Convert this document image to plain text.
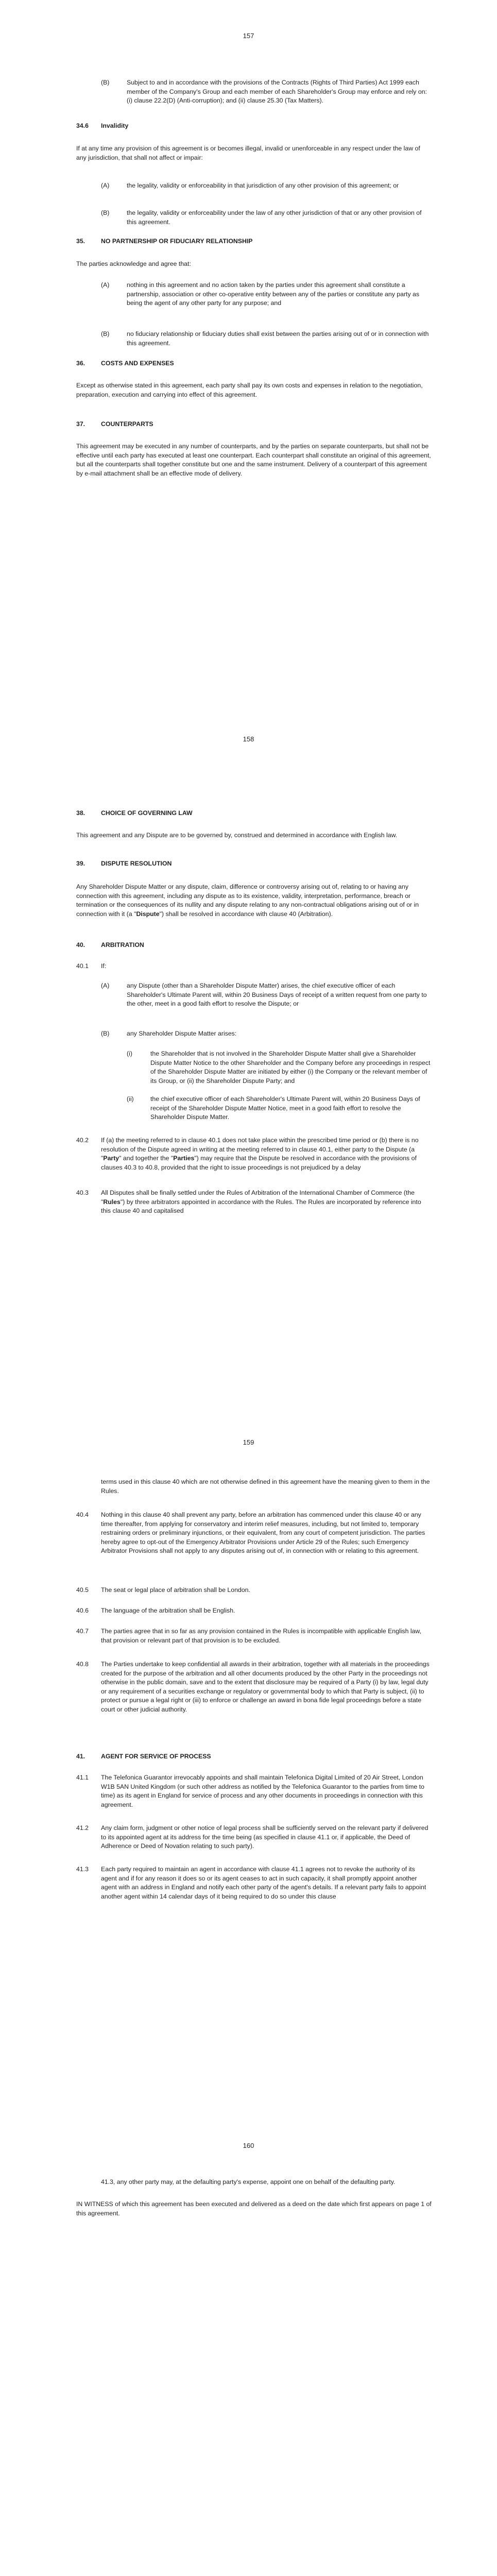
157
(B)	Subject to and in accordance with the provisions of the Contracts (Rights of Third Parties) Act 1999 each member of the Company's Group and each member of each Shareholder's Group may enforce and rely on: (i) clause 22.2(D) (Anti-corruption); and (ii) clause 25.30 (Tax Matters).

34.6 Invalidity

If at any time any provision of this agreement is or becomes illegal, invalid or unenforceable in any respect under the law of any jurisdiction, that shall not affect or impair:

(A)	the legality, validity or enforceability in that jurisdiction of any other provision of this agreement; or

(B)	the legality, validity or enforceability under the law of any other jurisdiction of that or any other provision of this agreement.

35.	NO PARTNERSHIP OR FIDUCIARY RELATIONSHIP

The parties acknowledge and agree that:

(A)	nothing in this agreement and no action taken by the parties under this agreement shall constitute a partnership, association or other co-operative entity between any of the parties or constitute any party as being the agent of any other party for any purpose; and

(B)	no fiduciary relationship or fiduciary duties shall exist between the parties arising out of or in connection with this agreement.

36.	COSTS AND EXPENSES

Except as otherwise stated in this agreement, each party shall pay its own costs and expenses in relation to the negotiation, preparation, execution and carrying into effect of this agreement.

37.	COUNTERPARTS

This agreement may be executed in any number of counterparts, and by the parties on separate counterparts, but shall not be effective until each party has executed at least one counterpart. Each counterpart shall constitute an original of this agreement, but all the counterparts shall together constitute but one and the same instrument. Delivery of a counterpart of this agreement by e-mail attachment shall be an effective mode of delivery.

158
38.	CHOICE OF GOVERNING LAW

This agreement and any Dispute are to be governed by, construed and determined in accordance with English law.

39.	DISPUTE RESOLUTION

Any Shareholder Dispute Matter or any dispute, claim, difference or controversy arising out of, relating to or having any connection with this agreement, including any dispute as to its existence, validity, interpretation, performance, breach or termination or the consequences of its nullity and any dispute relating to any non-contractual obligations arising out of or in connection with it (a "Dispute") shall be resolved in accordance with clause 40 (Arbitration).

40.	ARBITRATION

40.1 If:

(A)	any Dispute (other than a Shareholder Dispute Matter) arises, the chief executive officer of each Shareholder's Ultimate Parent will, within 20 Business Days of receipt of a written request from one party to the other, meet in a good faith effort to resolve the Dispute; or

(B)	any Shareholder Dispute Matter arises:

(i)	the Shareholder that is not involved in the Shareholder Dispute Matter shall give a Shareholder Dispute Matter Notice to the other Shareholder and the Company before any proceedings in respect of the Shareholder Dispute Matter are initiated by either (i) the Company or the relevant member of its Group, or (ii) the Shareholder Dispute Party; and

(ii)	the chief executive officer of each Shareholder's Ultimate Parent will, within 20 Business Days of receipt of the Shareholder Dispute Matter Notice, meet in a good faith effort to resolve the Shareholder Dispute Matter.

40.2 If (a) the meeting referred to in clause 40.1 does not take place within the prescribed time period or (b) there is no resolution of the Dispute agreed in writing at the meeting referred to in clause 40.1, either party to the Dispute (a "Party" and together the "Parties") may require that the Dispute be resolved in accordance with the provisions of clauses 40.3 to 40.8, provided that the right to issue proceedings is not prejudiced by a delay

40.3 All Disputes shall be finally settled under the Rules of Arbitration of the International Chamber of Commerce (the "Rules") by three arbitrators appointed in accordance with the Rules. The Rules are incorporated by reference into this clause 40 and capitalised

159

terms used in this clause 40 which are not otherwise defined in this agreement have the meaning given to them in the Rules.

40.4 Nothing in this clause 40 shall prevent any party, before an arbitration has commenced under this clause 40 or any time thereafter, from applying for conservatory and interim relief measures, including, but not limited to, temporary restraining orders or preliminary injunctions, or their equivalent, from any court of competent jurisdiction. The parties hereby agree to opt-out of the Emergency Arbitrator Provisions under Article 29 of the Rules; such Emergency Arbitrator Provisions shall not apply to any disputes arising out of, in connection with or relating to this agreement.

40.5 The seat or legal place of arbitration shall be London.

40.6 The language of the arbitration shall be English.

40.7 The parties agree that in so far as any provision contained in the Rules is incompatible with applicable English law, that provision or relevant part of that provision is to be excluded.

40.8 The Parties undertake to keep confidential all awards in their arbitration, together with all materials in the proceedings created for the purpose of the arbitration and all other documents produced by the other Party in the proceedings not otherwise in the public domain, save and to the extent that disclosure may be required of a Party (i) by law, legal duty or any requirement of a securities exchange or regulatory or governmental body to which that Party is subject, (ii) to protect or pursue a legal right or (iii) to enforce or challenge an award in bona fide legal proceedings before a state court or other judicial authority.

41.	AGENT FOR SERVICE OF PROCESS

41.1 The Telefonica Guarantor irrevocably appoints and shall maintain Telefonica Digital Limited of 20 Air Street, London W1B 5AN United Kingdom (or such other address as notified by the Telefonica Guarantor to the parties from time to time) as its agent in England for service of process and any other documents in proceedings in connection with this agreement.

41.2 Any claim form, judgment or other notice of legal process shall be sufficiently served on the relevant party if delivered to its appointed agent at its address for the time being (as specified in clause 41.1 or, if applicable, the Deed of Adherence or Deed of Novation relating to such party).

41.3 Each party required to maintain an agent in accordance with clause 41.1 agrees not to revoke the authority of its agent and if for any reason it does so or its agent ceases to act in such capacity, it shall promptly appoint another agent with an address in England and notify each other party of the agent's details. If a relevant party fails to appoint another agent within 14 calendar days of it being required to do so under this clause

160

41.3, any other party may, at the defaulting party's expense, appoint one on behalf of the defaulting party.

IN WITNESS of which this agreement has been executed and delivered as a deed on the date which first appears on page 1 of this agreement.
